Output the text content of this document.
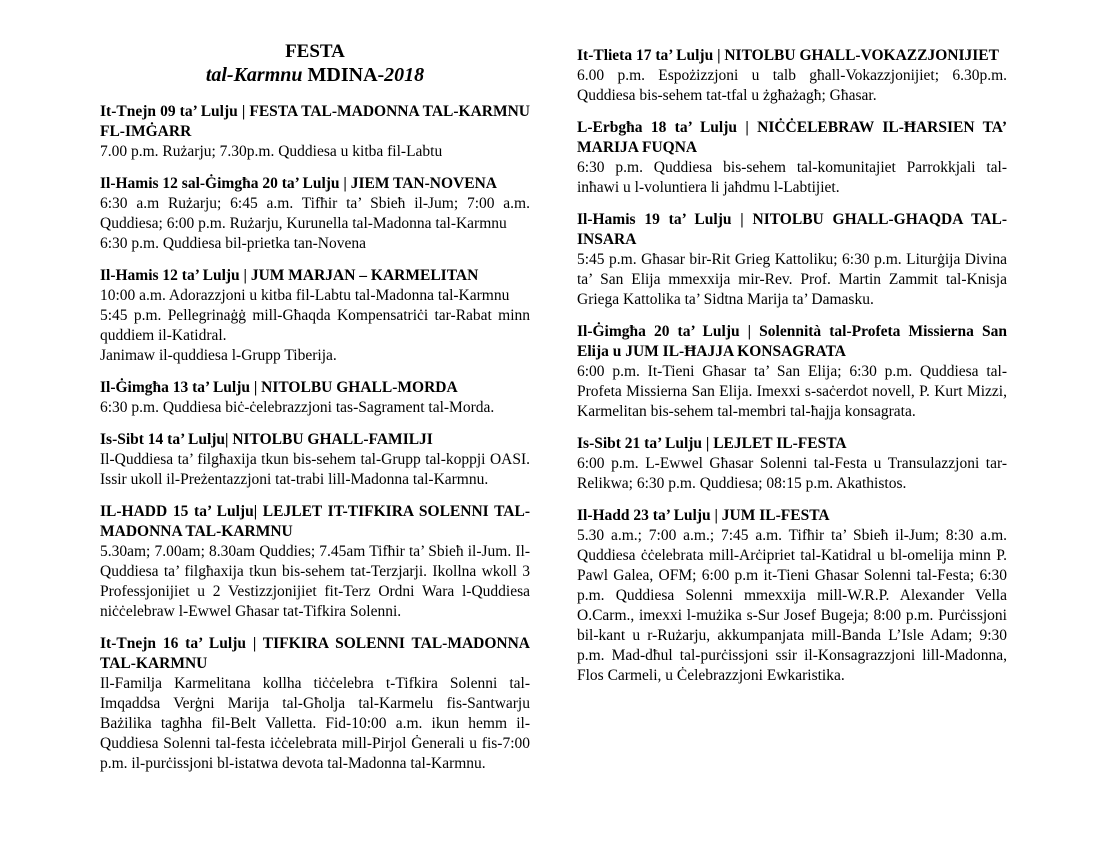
FESTA
tal-Karmnu MDINA-2018
It-Tnejn 09 ta’ Lulju | FESTA TAL-MADONNA TAL-KARMNU FL-IMĠARR

7.00 p.m. Rużarju; 7.30p.m. Quddiesa u kitba fil-Labtu

Il-Hamis 12 sal-Ġimgħa 20 ta’ Lulju | JIEM TAN-NOVENA

6:30 a.m Rużarju; 6:45 a.m. Tifħir ta’ Sbieħ il-Jum; 7:00 a.m. Quddiesa; 6:00 p.m. Rużarju, Kurunella tal-Madonna tal-Karmnu

6:30 p.m. Quddiesa bil-prietka tan-Novena

Il-Hamis 12 ta’ Lulju | JUM MARJAN – KARMELITAN

10:00 a.m. Adorazzjoni u kitba fil-Labtu tal-Madonna tal-Karmnu

5:45 p.m. Pellegrinaġġ mill-Għaqda Kompensatriċi tar-Rabat minn quddiem il-Katidral.

Janimaw il-quddiesa l-Grupp Tiberija.

Il-Ġimgħa 13 ta’ Lulju | NITOLBU GHALL-MORDA

6:30 p.m. Quddiesa biċ-ċelebrazzjoni tas-Sagrament tal-Morda.

Is-Sibt 14 ta’ Lulju| NITOLBU GHALL-FAMILJI

Il-Quddiesa ta’ filgħaxija tkun bis-sehem tal-Grupp tal-koppji OASI. Issir ukoll il-Preżentazzjoni tat-trabi lill-Madonna tal-Karmnu.

IL-HADD 15 ta’ Lulju| LEJLET IT-TIFKIRA SOLENNI TAL-MADONNA TAL-KARMNU

5.30am; 7.00am; 8.30am Quddies; 7.45am Tifħir ta’ Sbieħ il-Jum. Il-Quddiesa ta’ filgħaxija tkun bis-sehem tat-Terzjarji. Ikollna wkoll 3 Professjonijiet u 2 Vestizzjonijiet fit-Terz Ordni Wara l-Quddiesa niċċelebraw l-Ewwel Għasar tat-Tifkira Solenni.

It-Tnejn 16 ta’ Lulju | TIFKIRA SOLENNI TAL-MADONNA TAL-KARMNU

Il-Familja Karmelitana kollha tiċċelebra t-Tifkira Solenni tal-Imqaddsa Verġni Marija tal-Għolja tal-Karmelu fis-Santwarju Bażilika tagħha fil-Belt Valletta. Fid-10:00 a.m. ikun hemm il-Quddiesa Solenni tal-festa iċċelebrata mill-Pirjol Ġenerali u fis-7:00 p.m. il-purċissjoni bl-istatwa devota tal-Madonna tal-Karmnu.

It-Tlieta 17 ta’ Lulju | NITOLBU GHALL-VOKAZZJONIJIET

6.00 p.m. Espożizzjoni u talb għall-Vokazzjonijiet; 6.30p.m. Quddiesa bis-sehem tat-tfal u żgħażagħ; Għasar.

L-Erbgħa 18 ta’ Lulju | NIĊĊELEBRAW IL-ĦARSIEN TA’ MARIJA FUQNA

6:30 p.m. Quddiesa bis-sehem tal-komunitajiet Parrokkjali tal-inħawi u l-voluntiera li jaħdmu l-Labtijiet.

Il-Hamis 19 ta’ Lulju | NITOLBU GHALL-GHAQDA TAL-INSARA

5:45 p.m. Għasar bir-Rit Grieg Kattoliku; 6:30 p.m. Liturġija Divina ta’ San Elija mmexxija mir-Rev. Prof. Martin Zammit tal-Knisja Griega Kattolika ta’ Sidtna Marija ta’ Damasku.

Il-Ġimgħa 20 ta’ Lulju | Solennità tal-Profeta Missierna San Elija u JUM IL-ĦAJJA KONSAGRATA

6:00 p.m. It-Tieni Għasar ta’ San Elija; 6:30 p.m. Quddiesa tal-Profeta Missierna San Elija. Imexxi s-saċerdot novell, P. Kurt Mizzi, Karmelitan bis-sehem tal-membri tal-ħajja konsagrata.

Is-Sibt 21 ta’ Lulju | LEJLET IL-FESTA

6:00 p.m. L-Ewwel Għasar Solenni tal-Festa u Transulazzjoni tar-Relikwa; 6:30 p.m. Quddiesa; 08:15 p.m. Akathistos.

Il-Hadd 23 ta’ Lulju | JUM IL-FESTA

5.30 a.m.; 7:00 a.m.; 7:45 a.m. Tifħir ta’ Sbieħ il-Jum; 8:30 a.m. Quddiesa ċċelebrata mill-Arċipriet tal-Katidral u bl-omelija minn P. Pawl Galea, OFM; 6:00 p.m it-Tieni Għasar Solenni tal-Festa; 6:30 p.m. Quddiesa Solenni mmexxija mill-W.R.P. Alexander Vella O.Carm., imexxi l-mużika s-Sur Josef Bugeja; 8:00 p.m. Purċissjoni bil-kant u r-Rużarju, akkumpanjata mill-Banda L’Isle Adam; 9:30 p.m. Mad-dħul tal-purċissjoni ssir il-Konsagrazzjoni lill-Madonna, Flos Carmeli, u Ċelebrazzjoni Ewkaristika.
